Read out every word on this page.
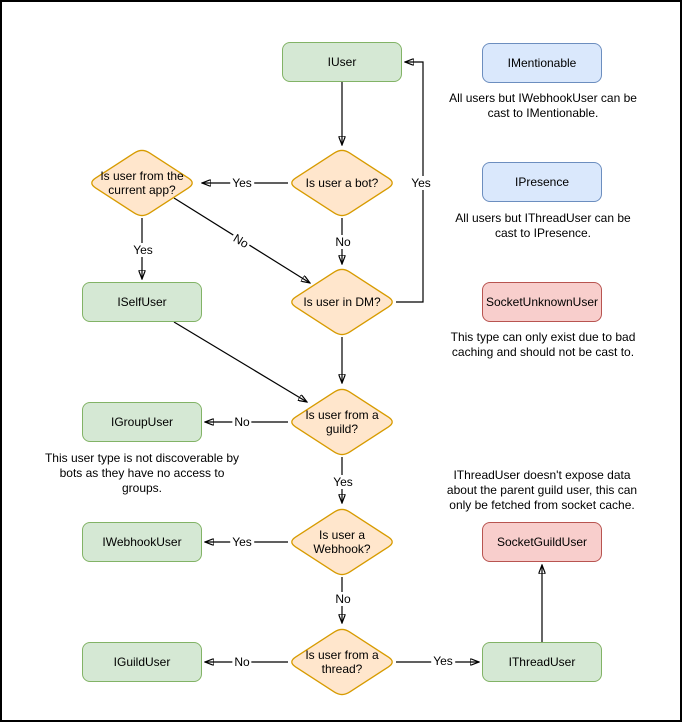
IUser	IMentionable
IPresence
SocketUnknownUser
ISelfUser
IGroupUser
IWebhookUser	SocketGuildUser
IGuildUser	IThreadUser
Is user a bot?
Is user from the
current app?
Is user in DM?
Is user from a
guild?
Is user a
Webhook?
Is user from a
thread?
Yes
No
Yes	No
Yes
No
Yes
Yes
No
No	Yes
All users but IWebhookUser can be
cast to IMentionable.
All users but IThreadUser can be
cast to IPresence.
This type can only exist due to bad
caching and should not be cast to.
This user type is not discoverable by
bots as they have no access to
groups.
IThreadUser doesn't expose data
about the parent guild user, this can
only be fetched from socket cache.
